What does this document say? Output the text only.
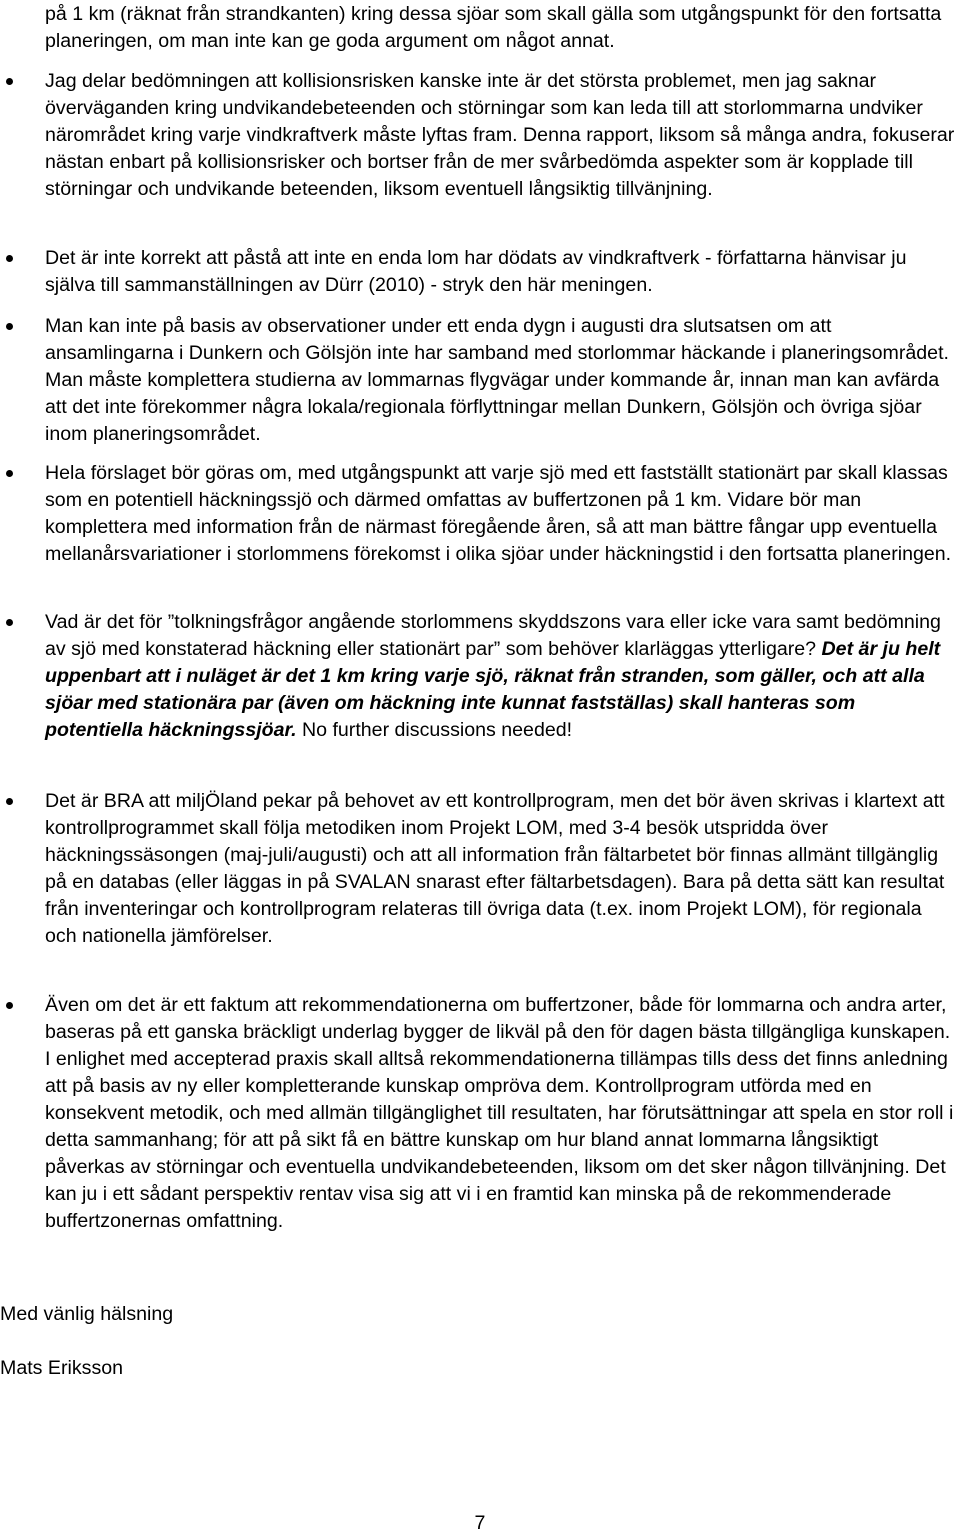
på 1 km (räknat från strandkanten) kring dessa sjöar som skall gälla som utgångspunkt för den fortsatta planeringen, om man inte kan ge goda argument om något annat.

Jag delar bedömningen att kollisionsrisken kanske inte är det största problemet, men jag saknar överväganden kring undvikandebeteenden och störningar som kan leda till att storlommarna undviker närområdet kring varje vindkraftverk måste lyftas fram. Denna rapport, liksom så många andra, fokuserar nästan enbart på kollisionsrisker och bortser från de mer svårbedömda aspekter som är kopplade till störningar och undvikande beteenden, liksom eventuell långsiktig tillvänjning.

Det är inte korrekt att påstå att inte en enda lom har dödats av vindkraftverk - författarna hänvisar ju själva till sammanställningen av Dürr (2010) - stryk den här meningen.

Man kan inte på basis av observationer under ett enda dygn i augusti dra slutsatsen om att ansamlingarna i Dunkern och Gölsjön inte har samband med storlommar häckande i planeringsområdet. Man måste komplettera studierna av lommarnas flygvägar under kommande år, innan man kan avfärda att det inte förekommer några lokala/regionala förflyttningar mellan Dunkern, Gölsjön och övriga sjöar inom planeringsområdet.

Hela förslaget bör göras om, med utgångspunkt att varje sjö med ett fastställt stationärt par skall klassas som en potentiell häckningssjö och därmed omfattas av buffertzonen på 1 km. Vidare bör man komplettera med information från de närmast föregående åren, så att man bättre fångar upp eventuella mellanårsvariationer i storlommens förekomst i olika sjöar under häckningstid i den fortsatta planeringen.

Vad är det för ”tolkningsfrågor angående storlommens skyddszons vara eller icke vara samt bedömning av sjö med konstaterad häckning eller stationärt par” som behöver klarläggas ytterligare? Det är ju helt uppenbart att i nuläget är det 1 km kring varje sjö, räknat från stranden, som gäller, och att alla sjöar med stationära par (även om häckning inte kunnat fastställas) skall hanteras som potentiella häckningssjöar. No further discussions needed!

Det är BRA att miljÖland pekar på behovet av ett kontrollprogram, men det bör även skrivas i klartext att kontrollprogrammet skall följa metodiken inom Projekt LOM, med 3-4 besök utspridda över häckningssäsongen (maj-juli/augusti) och att all information från fältarbetet bör finnas allmänt tillgänglig på en databas (eller läggas in på SVALAN snarast efter fältarbetsdagen). Bara på detta sätt kan resultat från inventeringar och kontrollprogram relateras till övriga data (t.ex. inom Projekt LOM), för regionala och nationella jämförelser.

Även om det är ett faktum att rekommendationerna om buffertzoner, både för lommarna och andra arter, baseras på ett ganska bräckligt underlag bygger de likväl på den för dagen bästa tillgängliga kunskapen. I enlighet med accepterad praxis skall alltså rekommendationerna tillämpas tills dess det finns anledning att på basis av ny eller kompletterande kunskap ompröva dem. Kontrollprogram utförda med en konsekvent metodik, och med allmän tillgänglighet till resultaten, har förutsättningar att spela en stor roll i detta sammanhang; för att på sikt få en bättre kunskap om hur bland annat lommarna långsiktigt påverkas av störningar och eventuella undvikandebeteenden, liksom om det sker någon tillvänjning. Det kan ju i ett sådant perspektiv rentav visa sig att vi i en framtid kan minska på de rekommenderade buffertzonernas omfattning.

Med vänlig hälsning

Mats Eriksson

7
